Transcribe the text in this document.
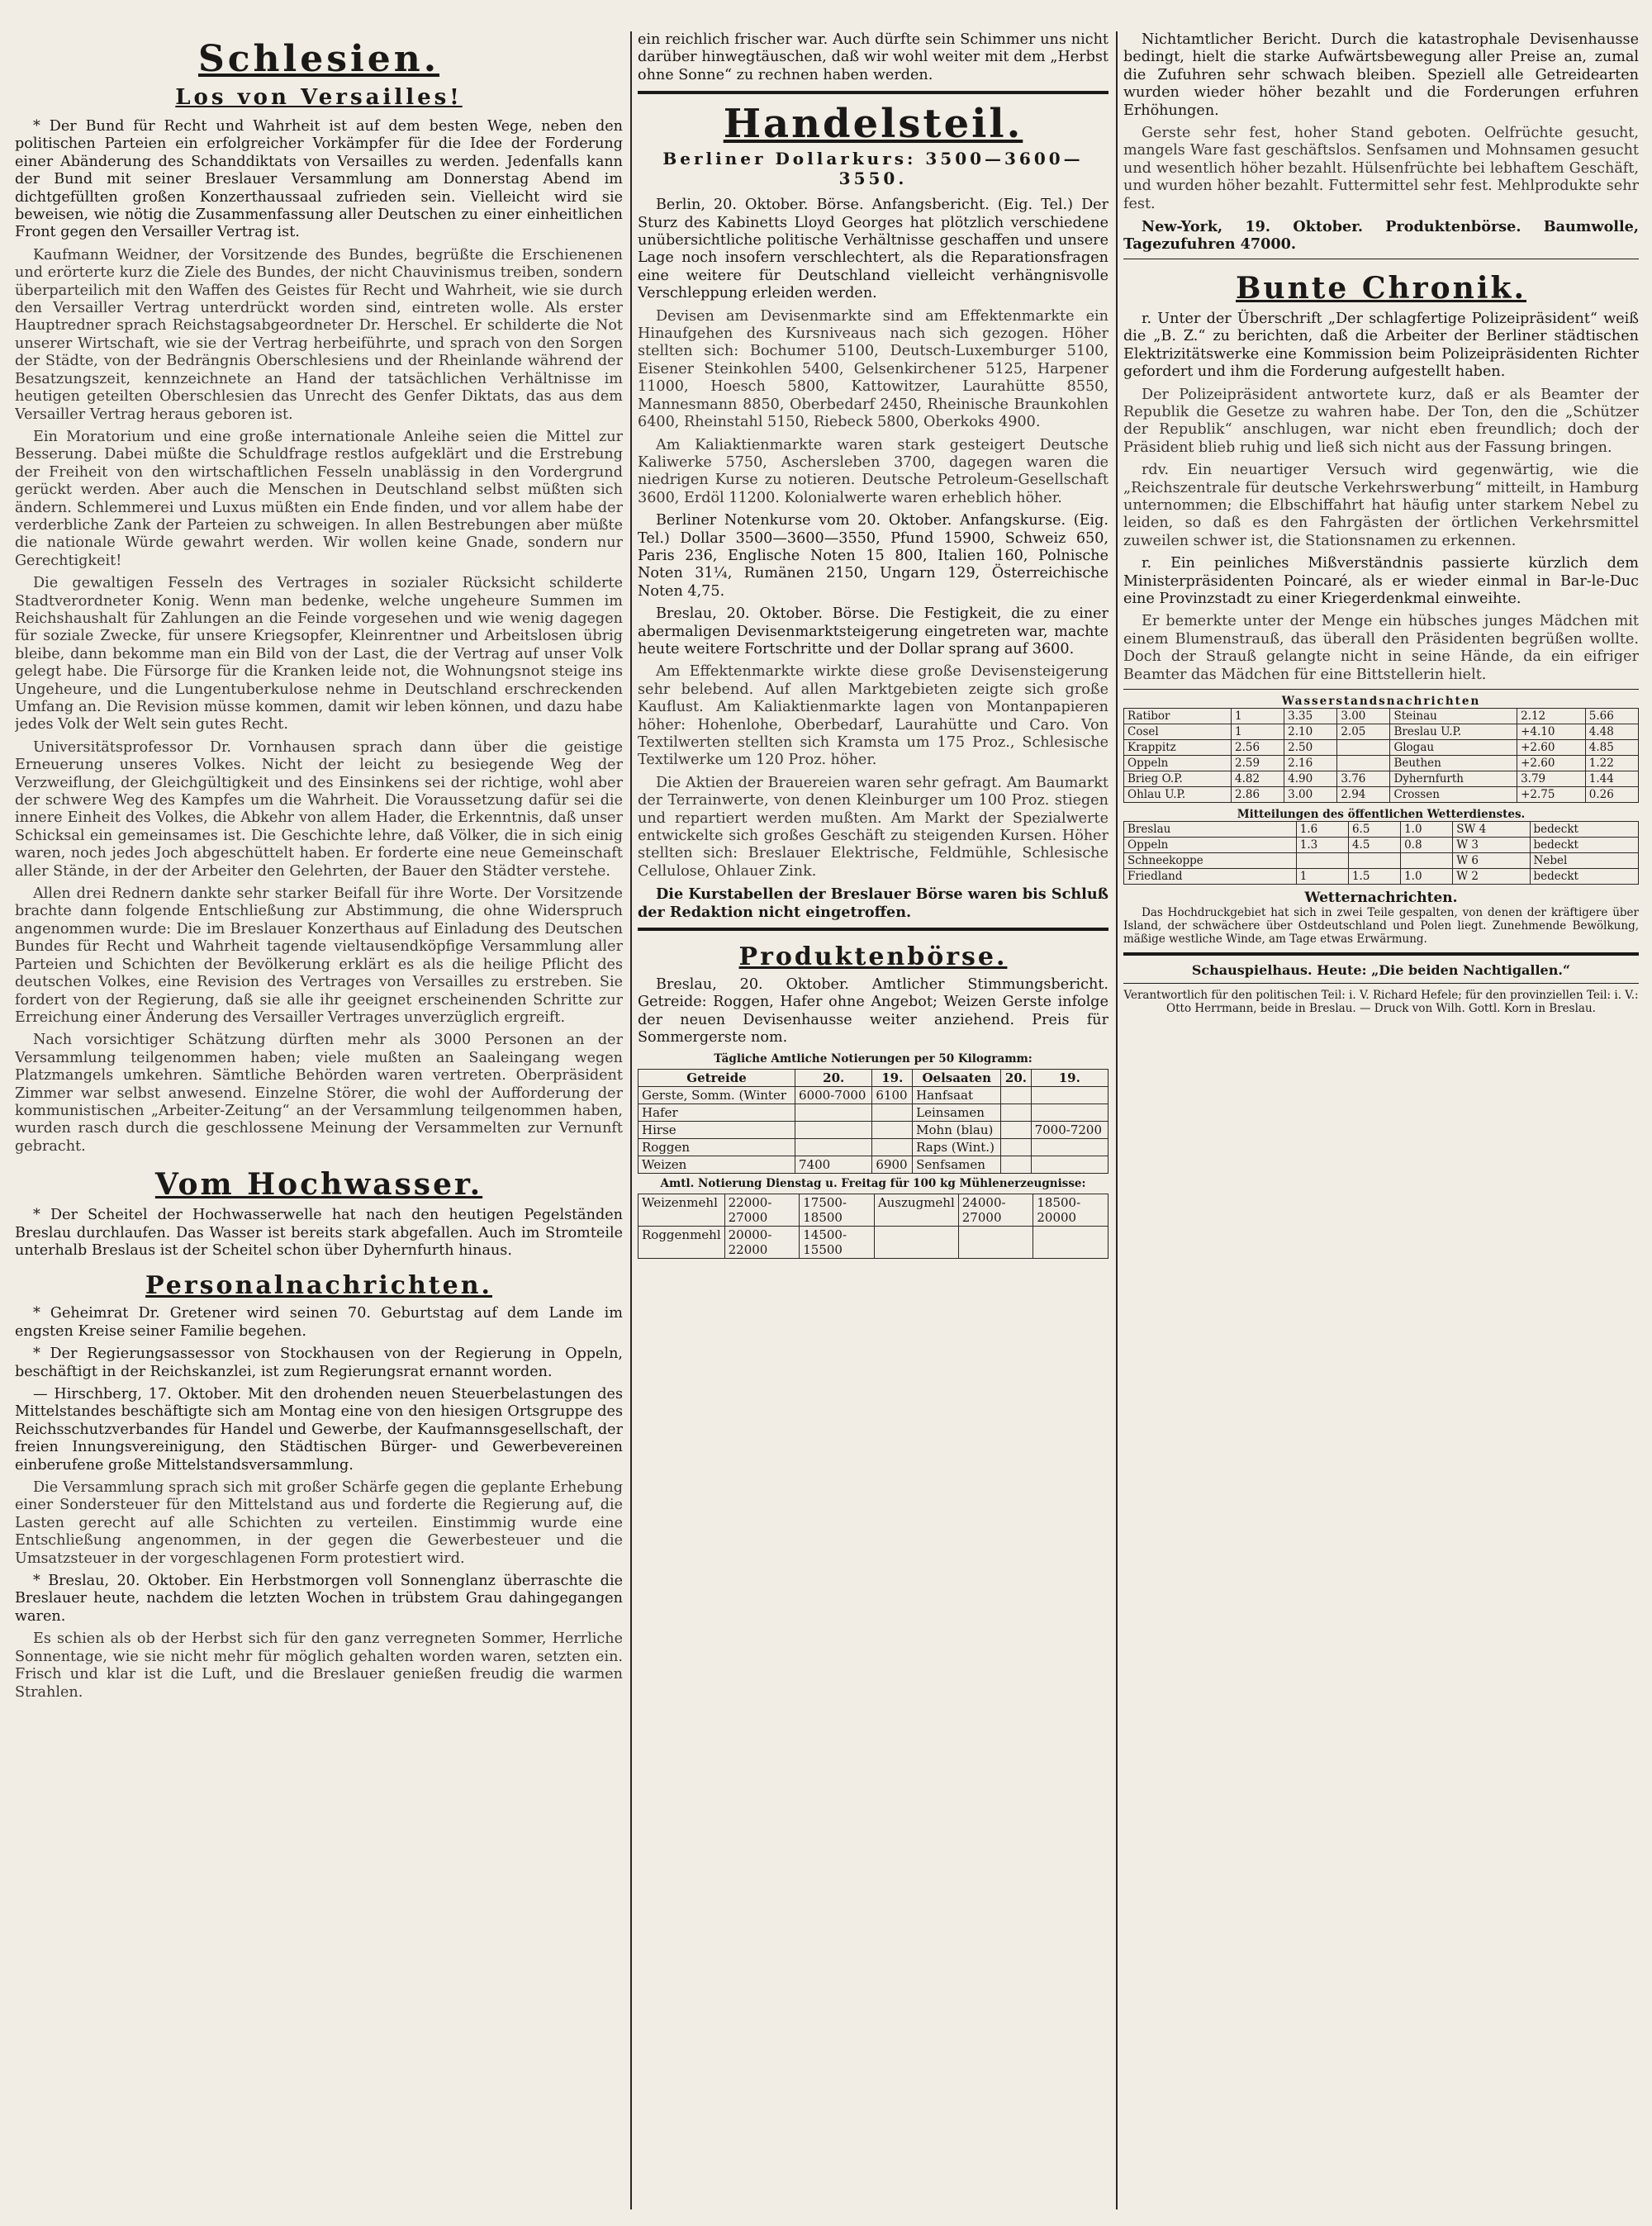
Schlesien.
Los von Versailles!

* Der Bund für Recht und Wahrheit ist auf dem besten Wege, neben den politischen Parteien ein erfolgreicher Vorkämpfer für die Idee der Forderung einer Abänderung des Schanddiktats von Versailles zu werden. Jedenfalls kann der Bund mit seiner Breslauer Versammlung am Donnerstag Abend im dichtgefüllten großen Konzerthaussaal zufrieden sein. Vielleicht wird sie beweisen, wie nötig die Zusammenfassung aller Deutschen zu einer einheitlichen Front gegen den Versailler Vertrag ist.

Kaufmann Weidner, der Vorsitzende des Bundes, begrüßte die Erschienenen und erörterte kurz die Ziele des Bundes, der nicht Chauvinismus treiben, sondern überparteilich mit den Waffen des Geistes für Recht und Wahrheit, wie sie durch den Versailler Vertrag unterdrückt worden sind, eintreten wolle. Als erster Hauptredner sprach Reichstagsabgeordneter Dr. Herschel. Er schilderte die Not unserer Wirtschaft, wie sie der Vertrag herbeiführte, und sprach von den Sorgen der Städte, von der Bedrängnis Oberschlesiens und der Rheinlande während der Besatzungszeit, kennzeichnete an Hand der tatsächlichen Verhältnisse im heutigen geteilten Oberschlesien das Unrecht des Genfer Diktats, das aus dem Versailler Vertrag heraus geboren ist.

Ein Moratorium und eine große internationale Anleihe seien die Mittel zur Besserung. Dabei müßte die Schuldfrage restlos aufgeklärt und die Erstrebung der Freiheit von den wirtschaftlichen Fesseln unablässig in den Vordergrund gerückt werden. Aber auch die Menschen in Deutschland selbst müßten sich ändern. Schlemmerei und Luxus müßten ein Ende finden, und vor allem habe der verderbliche Zank der Parteien zu schweigen. In allen Bestrebungen aber müßte die nationale Würde gewahrt werden. Wir wollen keine Gnade, sondern nur Gerechtigkeit!

Die gewaltigen Fesseln des Vertrages in sozialer Rücksicht schilderte Stadtverordneter Konig. Wenn man bedenke, welche ungeheure Summen im Reichshaushalt für Zahlungen an die Feinde vorgesehen und wie wenig dagegen für soziale Zwecke, für unsere Kriegsopfer, Kleinrentner und Arbeitslosen übrig bleibe, dann bekomme man ein Bild von der Last, die der Vertrag auf unser Volk gelegt habe. Die Fürsorge für die Kranken leide not, die Wohnungsnot steige ins Ungeheure, und die Lungentuberkulose nehme in Deutschland erschreckenden Umfang an. Die Revision müsse kommen, damit wir leben können, und dazu habe jedes Volk der Welt sein gutes Recht.

Universitätsprofessor Dr. Vornhausen sprach dann über die geistige Erneuerung unseres Volkes. Nicht der leicht zu besiegende Weg der Verzweiflung, der Gleichgültigkeit und des Einsinkens sei der richtige, wohl aber der schwere Weg des Kampfes um die Wahrheit. Die Voraussetzung dafür sei die innere Einheit des Volkes, die Abkehr von allem Hader, die Erkenntnis, daß unser Schicksal ein gemeinsames ist. Die Geschichte lehre, daß Völker, die in sich einig waren, noch jedes Joch abgeschüttelt haben. Er forderte eine neue Gemeinschaft aller Stände, in der der Arbeiter den Gelehrten, der Bauer den Städter verstehe.

Allen drei Rednern dankte sehr starker Beifall für ihre Worte. Der Vorsitzende brachte dann folgende Entschließung zur Abstimmung, die ohne Widerspruch angenommen wurde: Die im Breslauer Konzerthaus auf Einladung des Deutschen Bundes für Recht und Wahrheit tagende vieltausendköpfige Versammlung aller Parteien und Schichten der Bevölkerung erklärt es als die heilige Pflicht des deutschen Volkes, eine Revision des Vertrages von Versailles zu erstreben. Sie fordert von der Regierung, daß sie alle ihr geeignet erscheinenden Schritte zur Erreichung einer Änderung des Versailler Vertrages unverzüglich ergreift.

Nach vorsichtiger Schätzung dürften mehr als 3000 Personen an der Versammlung teilgenommen haben; viele mußten an Saaleingang wegen Platzmangels umkehren. Sämtliche Behörden waren vertreten. Oberpräsident Zimmer war selbst anwesend. Einzelne Störer, die wohl der Aufforderung der kommunistischen „Arbeiter-Zeitung“ an der Versammlung teilgenommen haben, wurden rasch durch die geschlossene Meinung der Versammelten zur Vernunft gebracht.

Vom Hochwasser.

* Der Scheitel der Hochwasserwelle hat nach den heutigen Pegelständen Breslau durchlaufen. Das Wasser ist bereits stark abgefallen. Auch im Stromteile unterhalb Breslaus ist der Scheitel schon über Dyhernfurth hinaus.

Personalnachrichten.

* Geheimrat Dr. Gretener wird seinen 70. Geburtstag auf dem Lande im engsten Kreise seiner Familie begehen.

* Der Regierungsassessor von Stockhausen von der Regierung in Oppeln, beschäftigt in der Reichskanzlei, ist zum Regierungsrat ernannt worden.

— Hirschberg, 17. Oktober. Mit den drohenden neuen Steuerbelastungen des Mittelstandes beschäftigte sich am Montag eine von den hiesigen Ortsgruppe des Reichsschutzverbandes für Handel und Gewerbe, der Kaufmannsgesellschaft, der freien Innungsvereinigung, den Städtischen Bürger- und Gewerbevereinen einberufene große Mittelstandsversammlung.

Die Versammlung sprach sich mit großer Schärfe gegen die geplante Erhebung einer Sondersteuer für den Mittelstand aus und forderte die Regierung auf, die Lasten gerecht auf alle Schichten zu verteilen. Einstimmig wurde eine Entschließung angenommen, in der gegen die Gewerbesteuer und die Umsatzsteuer in der vorgeschlagenen Form protestiert wird.

* Breslau, 20. Oktober. Ein Herbstmorgen voll Sonnenglanz überraschte die Breslauer heute, nachdem die letzten Wochen in trübstem Grau dahingegangen waren.

Es schien als ob der Herbst sich für den ganz verregneten Sommer, Herrliche Sonnentage, wie sie nicht mehr für möglich gehalten worden waren, setzten ein. Frisch und klar ist die Luft, und die Breslauer genießen freudig die warmen Strahlen.

ein reichlich frischer war. Auch dürfte sein Schimmer uns nicht darüber hinwegtäuschen, daß wir wohl weiter mit dem „Herbst ohne Sonne“ zu rechnen haben werden.

Handelsteil.
Berliner Dollarkurs: 3500—3600—3550.

Berlin, 20. Oktober. Börse. Anfangsbericht. (Eig. Tel.) Der Sturz des Kabinetts Lloyd Georges hat plötzlich verschiedene unübersichtliche politische Verhältnisse geschaffen und unsere Lage noch insofern verschlechtert, als die Reparationsfragen eine weitere für Deutschland vielleicht verhängnisvolle Verschleppung erleiden werden.

Devisen am Devisenmarkte sind am Effektenmarkte ein Hinaufgehen des Kursniveaus nach sich gezogen. Höher stellten sich: Bochumer 5100, Deutsch-Luxemburger 5100, Eisener Steinkohlen 5400, Gelsenkirchener 5125, Harpener 11000, Hoesch 5800, Kattowitzer, Laurahütte 8550, Mannesmann 8850, Oberbedarf 2450, Rheinische Braunkohlen 6400, Rheinstahl 5150, Riebeck 5800, Oberkoks 4900.

Am Kaliaktienmarkte waren stark gesteigert Deutsche Kaliwerke 5750, Aschersleben 3700, dagegen waren die niedrigen Kurse zu notieren. Deutsche Petroleum-Gesellschaft 3600, Erdöl 11200. Kolonialwerte waren erheblich höher.

Berliner Notenkurse vom 20. Oktober. Anfangskurse. (Eig. Tel.) Dollar 3500—3600—3550, Pfund 15900, Schweiz 650, Paris 236, Englische Noten 15 800, Italien 160, Polnische Noten 31¼, Rumänen 2150, Ungarn 129, Österreichische Noten 4,75.

Breslau, 20. Oktober. Börse. Die Festigkeit, die zu einer abermaligen Devisenmarktsteigerung eingetreten war, machte heute weitere Fortschritte und der Dollar sprang auf 3600.

Am Effektenmarkte wirkte diese große Devisensteigerung sehr belebend. Auf allen Marktgebieten zeigte sich große Kauflust. Am Kaliaktienmarkte lagen von Montanpapieren höher: Hohenlohe, Oberbedarf, Laurahütte und Caro. Von Textilwerten stellten sich Kramsta um 175 Proz., Schlesische Textilwerke um 120 Proz. höher.

Die Aktien der Brauereien waren sehr gefragt. Am Baumarkt der Terrainwerte, von denen Kleinburger um 100 Proz. stiegen und repartiert werden mußten. Am Markt der Spezialwerte entwickelte sich großes Geschäft zu steigenden Kursen. Höher stellten sich: Breslauer Elektrische, Feldmühle, Schlesische Cellulose, Ohlauer Zink.

Die Kurstabellen der Breslauer Börse waren bis Schluß der Redaktion nicht eingetroffen.

Produktenbörse.

Breslau, 20. Oktober. Amtlicher Stimmungsbericht. Getreide: Roggen, Hafer ohne Angebot; Weizen Gerste infolge der neuen Devisenhausse weiter anziehend. Preis für Sommergerste nom.

Tägliche Amtliche Notierungen per 50 Kilogramm:
Getreide	20.	19.	Oelsaaten	20.	19.
Gerste, Somm. (Winter	6000-7000	6100	Hanfsaat		
Hafer			Leinsamen		
Hirse			Mohn (blau)		7000-7200
Roggen			Raps (Wint.)		
Weizen	7400	6900	Senfsamen		
Amtl. Notierung Dienstag u. Freitag für 100 kg Mühlenerzeugnisse:
Weizenmehl	22000-27000	17500-18500	Auszugmehl	24000-27000	18500-20000
Roggenmehl	20000-22000	14500-15500			

Nichtamtlicher Bericht. Durch die katastrophale Devisenhausse bedingt, hielt die starke Aufwärtsbewegung aller Preise an, zumal die Zufuhren sehr schwach bleiben. Speziell alle Getreidearten wurden wieder höher bezahlt und die Forderungen erfuhren Erhöhungen.

Gerste sehr fest, hoher Stand geboten. Oelfrüchte gesucht, mangels Ware fast geschäftslos. Senfsamen und Mohnsamen gesucht und wesentlich höher bezahlt. Hülsenfrüchte bei lebhaftem Geschäft, und wurden höher bezahlt. Futtermittel sehr fest. Mehlprodukte sehr fest.

New-York, 19. Oktober. Produktenbörse. Baumwolle, Tagezufuhren 47000.

Bunte Chronik.

r. Unter der Überschrift „Der schlagfertige Polizeipräsident“ weiß die „B. Z.“ zu berichten, daß die Arbeiter der Berliner städtischen Elektrizitätswerke eine Kommission beim Polizeipräsidenten Richter gefordert und ihm die Forderung aufgestellt haben.

Der Polizeipräsident antwortete kurz, daß er als Beamter der Republik die Gesetze zu wahren habe. Der Ton, den die „Schützer der Republik“ anschlugen, war nicht eben freundlich; doch der Präsident blieb ruhig und ließ sich nicht aus der Fassung bringen.

rdv. Ein neuartiger Versuch wird gegenwärtig, wie die „Reichszentrale für deutsche Verkehrswerbung“ mitteilt, in Hamburg unternommen; die Elbschiffahrt hat häufig unter starkem Nebel zu leiden, so daß es den Fahrgästen der örtlichen Verkehrsmittel zuweilen schwer ist, die Stationsnamen zu erkennen.

r. Ein peinliches Mißverständnis passierte kürzlich dem Ministerpräsidenten Poincaré, als er wieder einmal in Bar-le-Duc eine Provinzstadt zu einer Kriegerdenkmal einweihte.

Er bemerkte unter der Menge ein hübsches junges Mädchen mit einem Blumenstrauß, das überall den Präsidenten begrüßen wollte. Doch der Strauß gelangte nicht in seine Hände, da ein eifriger Beamter das Mädchen für eine Bittstellerin hielt.

Wasserstandsnachrichten
Ratibor	1	3.35	3.00	Steinau	2.12	5.66
Cosel	1	2.10	2.05	Breslau U.P.	+4.10	4.48
Krappitz	2.56	2.50		Glogau	+2.60	4.85
Oppeln	2.59	2.16		Beuthen	+2.60	1.22
Brieg O.P.	4.82	4.90	3.76	Dyhernfurth	3.79	1.44
Ohlau U.P.	2.86	3.00	2.94	Crossen	+2.75	0.26
Mitteilungen des öffentlichen Wetterdienstes.
Breslau	1.6	6.5	1.0	SW 4	bedeckt
Oppeln	1.3	4.5	0.8	W 3	bedeckt
Schneekoppe				W 6	Nebel
Friedland	1	1.5	1.0	W 2	bedeckt
Wetternachrichten.

Das Hochdruckgebiet hat sich in zwei Teile gespalten, von denen der kräftigere über Island, der schwächere über Ostdeutschland und Polen liegt. Zunehmende Bewölkung, mäßige westliche Winde, am Tage etwas Erwärmung.

Schauspielhaus. Heute: „Die beiden Nachtigallen.“
Verantwortlich für den politischen Teil: i. V. Richard Hefele; für den provinziellen Teil: i. V.: Otto Herrmann, beide in Breslau. — Druck von Wilh. Gottl. Korn in Breslau.
